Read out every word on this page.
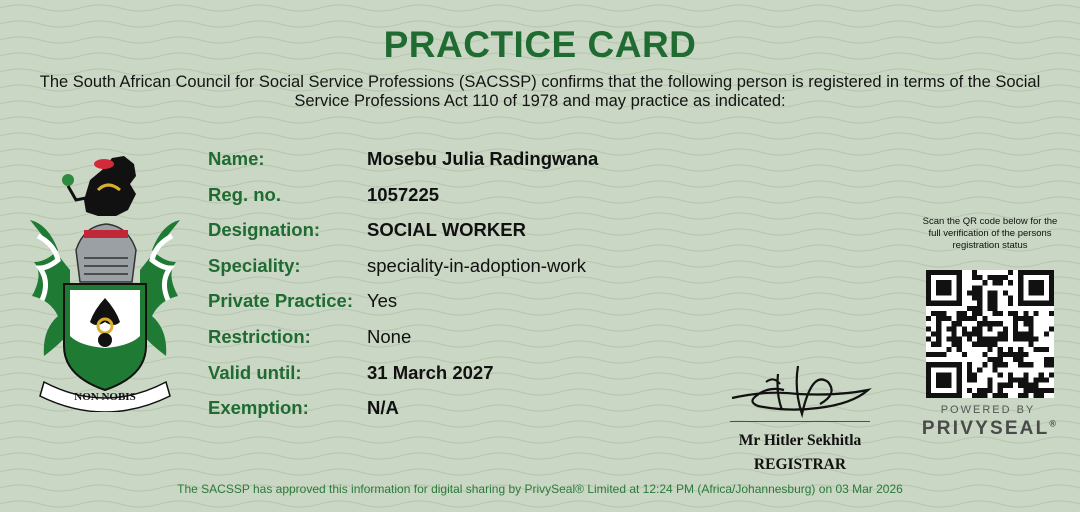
PRACTICE CARD
The South African Council for Social Service Professions (SACSSP) confirms that the following person is registered in terms of the Social Service Professions Act 110 of 1978 and may practice as indicated:
NON NOBIS
Name:	Mosebu Julia Radingwana
Reg. no.	1057225
Designation:	SOCIAL WORKER
Speciality:	speciality-in-adoption-work
Private Practice: Yes
Restriction:	None
Valid until:	31 March 2027
Exemption:	N/A
Mr Hitler Sekhitla
REGISTRAR
Scan the QR code below for the full verification of the persons registration status
POWERED BY
PRIVYSEAL®
The SACSSP has approved this information for digital sharing by PrivySeal® Limited at 12:24 PM (Africa/Johannesburg) on 03 Mar 2026
